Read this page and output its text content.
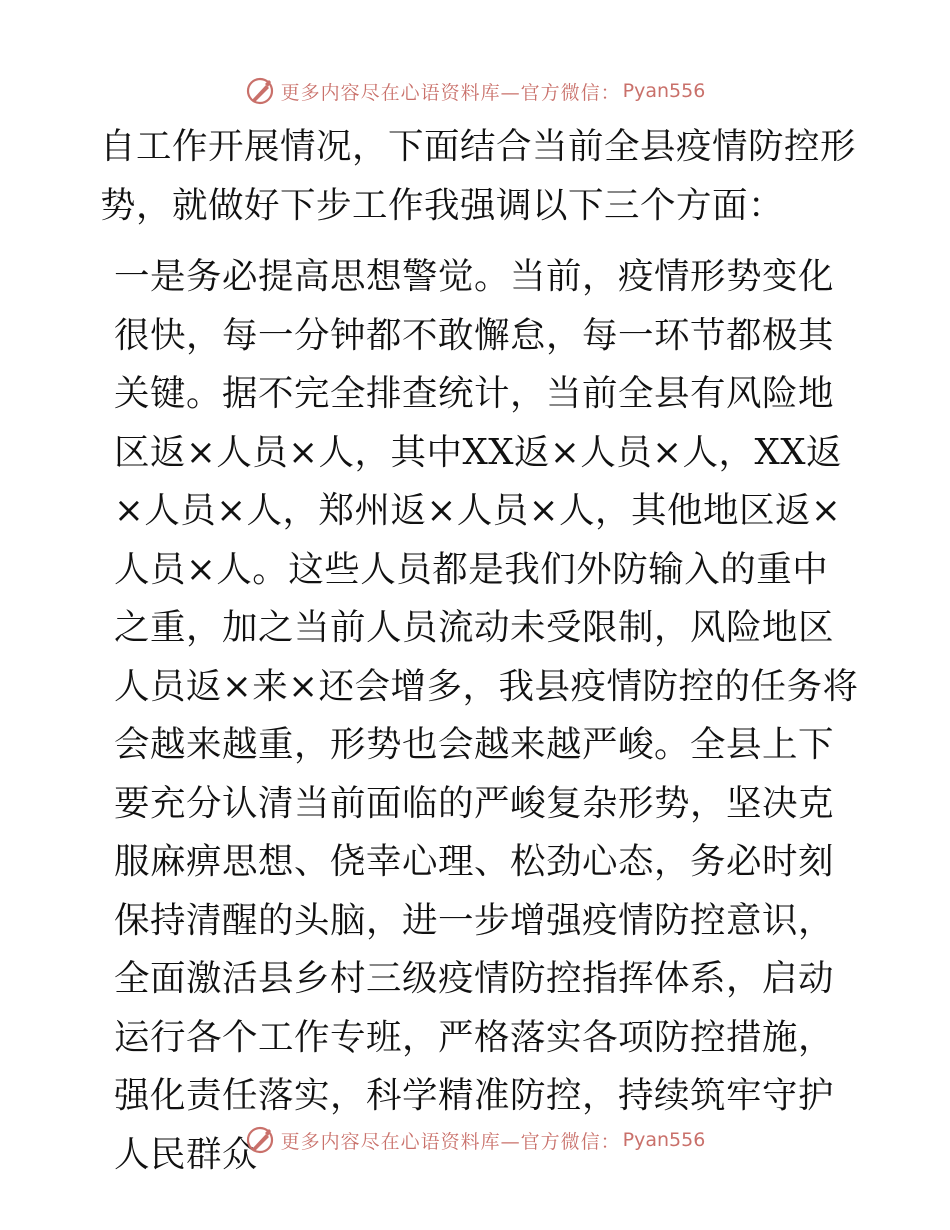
更多内容尽在心语资料库—官方微信： Pyan556

自工作开展情况，下面结合当前全县疫情防控形势，就做好下步工作我强调以下三个方面：

一是务必提高思想警觉。当前，疫情形势变化很快，每一分钟都不敢懈怠，每一环节都极其关键。据不完全排查统计，当前全县有风险地区返×人员×人，其中XX返×人员×人，XX返×人员×人，郑州返×人员×人，其他地区返×人员×人。这些人员都是我们外防输入的重中之重，加之当前人员流动未受限制，风险地区人员返×来×还会增多，我县疫情防控的任务将会越来越重，形势也会越来越严峻。全县上下要充分认清当前面临的严峻复杂形势，坚决克服麻痹思想、侥幸心理、松劲心态，务必时刻保持清醒的头脑，进一步增强疫情防控意识，全面激活县乡村三级疫情防控指挥体系，启动运行各个工作专班，严格落实各项防控措施，强化责任落实，科学精准防控，持续筑牢守护人民群众	更多内容尽在心语资料库—官方微信： Pyan556
